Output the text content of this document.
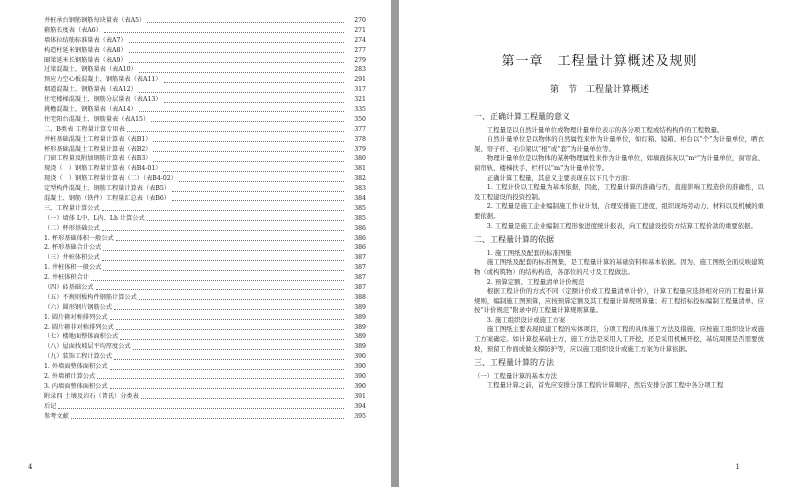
井桩承台钢筋钢筋每块量表（表A5）	270
箍筋长度表（表A6）	271
墙体拉结筋标准量表（表A7）	274
构造柱延米钢筋量表（表A8）	277
圈梁延米长钢筋量表（表A9）	279
过梁混凝土、钢筋量表（表A10）	283
预应力空心板混凝土、钢筋量表（表A11）	291
烟道混凝土、钢筋量表（表A12）	317
住宅楼梯混凝土、钢筋分层量表（表A13）	321
挑檐混凝土、钢筋量表（表A14）	335
住宅阳台混凝土、钢筋量表（表A15）	350
二、B类表 工程量计算专用表	377
井桩基础混凝土工程量计算表（表B1）	378
杯形基础混凝土工程量计算表（表B2）	379
门窗工程量及附加钢筋计算表（表B3）	380
现浇（　）钢筋工程量计算表（表B4-01）	381
现浇（　）钢筋工程量计算表（二）（表B4-02）	382
定型构件混凝土、钢筋工程量计算表（表B5）	383
混凝土、钢筋（铁件）工程量汇总表（表B6）	384
三、工程量计算公式	385
（一）墙体 L中、L内、Lh 计算公式	385
（二）杯形基础公式	386
1. 杯形基础体积一般公式	386
2. 杯形基础合计公式	386
（三）井桩体积公式	387
1. 井桩体积一般公式	387
2. 井桩体积合计	387
（四）砖基础公式	387
（五）不规则板构件钢筋计算公式	388
（六）圆形钢片钢筋公式	389
1. 圆片箍对称排列公式	389
2. 圆片箍非对称排列公式	389
（七）楼地面整体面积公式	389
（八）屋面找坡层平均厚度公式	389
（九）装饰工程计算公式	390
1. 外墙面整体面积公式	390
2. 外墙裙计算公式	390
3. 内墙面整体面积公式	390
附录四 土壤及岩石（普氏）分类表	391
后记	394
参考文献	395
4
第一章　工程量计算概述及规则
第　节　工程量计算概述
一、正确计算工程量的意义

工程量是以自然计量单位或物理计量单位表示的各分项工程或结构构件的工程数量。

自然计量单位是以物体的自然属性来作为计量单位，如灯箱、镜箱、柜台以“个”为计量单位，晒衣架、帘子杆、毛巾架以“根”或“套”为计量单位等。

物理计量单位是以物体的某种物理属性来作为计量单位，如墙面抹灰以“m²”为计量单位，窗帘盒、窗帘轨、楼梯扶手、栏杆以“m”为计量单位等。

正确计算工程量，其意义主要表现在以下几个方面：

1. 工程计价以工程量为基本依据，因此，工程量计算的准确与否，直接影响工程造价的准确性，以及工程建设的投资控制。

2. 工程量是施工企业编制施工作业计划，合理安排施工进度，组织现场劳动力、材料以及机械的重要依据。

3. 工程量是施工企业编制工程形象进度统计报表，向工程建设投资方结算工程价款的重要依据。

二、工程量计算的依据

1. 施工图纸及配套的标准图集

施工图纸及配套的标准图集，是工程量计算的基础资料和基本依据。因为，施工图纸全面反映建筑物（或构筑物）的结构构造，各部位的尺寸及工程做法。

2. 预算定额、工程量清单计价规范

根据工程计价的方式不同（定额计价或工程量清单计价），计算工程量应选择相对应的工程量计算规则，编制施工图预算，应按预算定额及其工程量计算规则算量；若工程招标投标编制工程量清单，应按“计价规范”附录中的工程量计算规则算量。

3. 施工组织设计或施工方案

施工图纸主要表现拟建工程的实体项目，分项工程的具体施工方法及措施，应按施工组织设计或施工方案确定。如计算挖基础土方，施工方法是采用人工开挖，还是采用机械开挖，基坑周围是否需要放坡，预留工作面或做支撑防护等，应以施工组织设计或施工方案为计算依据。

三、工程量计算的方法

（一）工程量计算的基本方法

工程量计算之前，首先应安排分部工程的计算顺序，然后安排分部工程中各分项工程

1
